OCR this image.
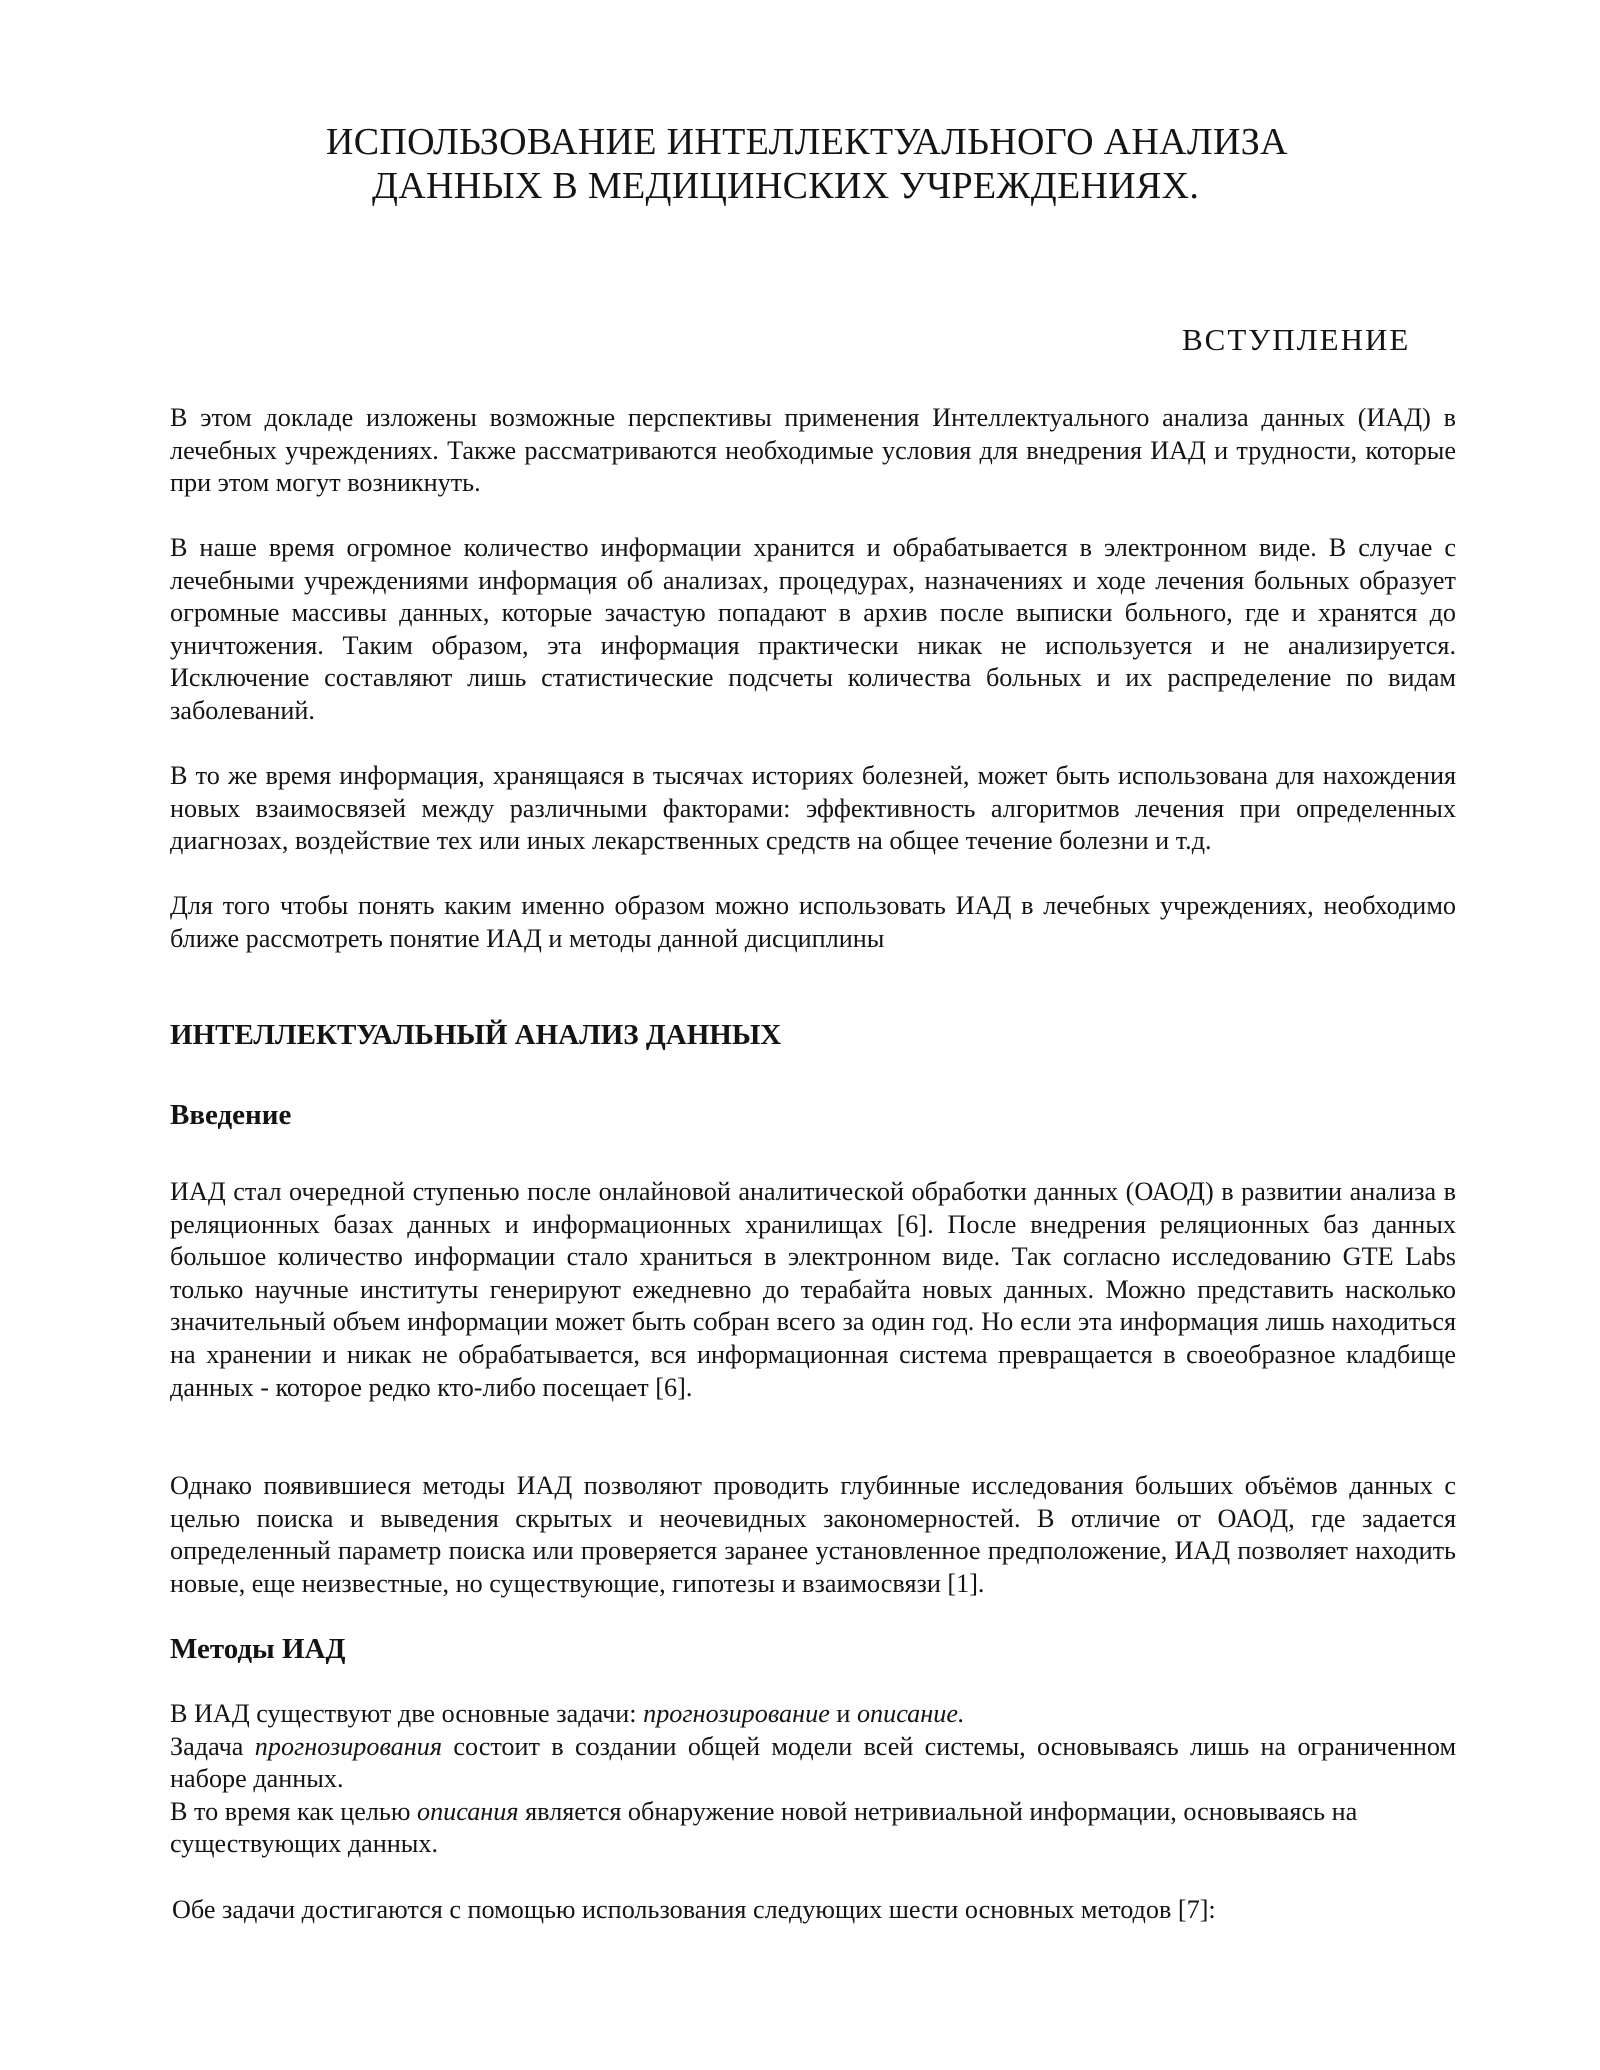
ИСПОЛЬЗОВАНИЕ ИНТЕЛЛЕКТУАЛЬНОГО АНАЛИЗА
ДАННЫХ В МЕДИЦИНСКИХ УЧРЕЖДЕНИЯХ.
ВСТУПЛЕНИЕ

В этом докладе изложены возможные перспективы применения Интеллектуального анализа данных (ИАД) в лечебных учреждениях. Также рассматриваются необходимые условия для внедрения ИАД и трудности, которые при этом могут возникнуть.

В наше время огромное количество информации хранится и обрабатывается в электронном виде. В случае с лечебными учреждениями информация об анализах, процедурах, назначениях и ходе лечения больных образует огромные массивы данных, которые зачастую попадают в архив после выписки больного, где и хранятся до уничтожения. Таким образом, эта информация практически никак не используется и не анализируется. Исключение составляют лишь статистические подсчеты количества больных и их распределение по видам заболеваний.

В то же время информация, хранящаяся в тысячах историях болезней, может быть использована для нахождения новых взаимосвязей между различными факторами: эффективность алгоритмов лечения при определенных диагнозах, воздействие тех или иных лекарственных средств на общее течение болезни и т.д.

Для того чтобы понять каким именно образом можно использовать ИАД в лечебных учреждениях, необходимо ближе рассмотреть понятие ИАД и методы данной дисциплины

ИНТЕЛЛЕКТУАЛЬНЫЙ АНАЛИЗ ДАННЫХ
Введение

ИАД стал очередной ступенью после онлайновой аналитической обработки данных (ОАОД) в развитии анализа в реляционных базах данных и информационных хранилищах [6]. После внедрения реляционных баз данных большое количество информации стало храниться в электронном виде. Так согласно исследованию GTE Labs только научные институты генерируют ежедневно до терабайта новых данных. Можно представить насколько значительный объем информации может быть собран всего за один год. Но если эта информация лишь находиться на хранении и никак не обрабатывается, вся информационная система превращается в своеобразное кладбище данных - которое редко кто-либо посещает [6].

Однако появившиеся методы ИАД позволяют проводить глубинные исследования больших объёмов данных с целью поиска и выведения скрытых и неочевидных закономерностей. В отличие от ОАОД, где задается определенный параметр поиска или проверяется заранее установленное предположение, ИАД позволяет находить новые, еще неизвестные, но существующие, гипотезы и взаимосвязи [1].

Методы ИАД

В ИАД существуют две основные задачи: прогнозирование и описание.

Задача прогнозирования состоит в создании общей модели всей системы, основываясь лишь на ограниченном наборе данных.

В то время как целью описания является обнаружение новой нетривиальной информации, основываясь на существующих данных.

Обе задачи достигаются с помощью использования следующих шести основных методов [7]:
